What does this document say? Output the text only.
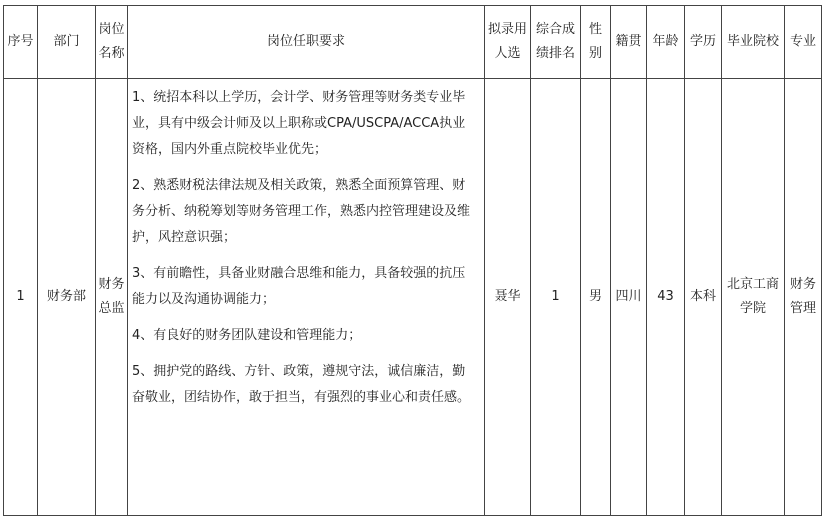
序号	部门	岗位名称	岗位任职要求	拟录用人选	综合成绩排名	性别	籍贯	年龄	学历	毕业院校	专业
1	财务部	财务总监	1、统招本科以上学历，会计学、财务管理等财务类专业毕业，具有中级会计师及以上职称或CPA/USCPA/ACCA执业资格，国内外重点院校毕业优先；
2、熟悉财税法律法规及相关政策，熟悉全面预算管理、财务分析、纳税筹划等财务管理工作，熟悉内控管理建设及维护，风控意识强；
3、有前瞻性，具备业财融合思维和能力，具备较强的抗压能力以及沟通协调能力；
4、有良好的财务团队建设和管理能力；
5、拥护党的路线、方针、政策，遵规守法，诚信廉洁，勤奋敬业，团结协作，敢于担当，有强烈的事业心和责任感。	聂华	1	男	四川	43	本科	北京工商学院	财务管理
